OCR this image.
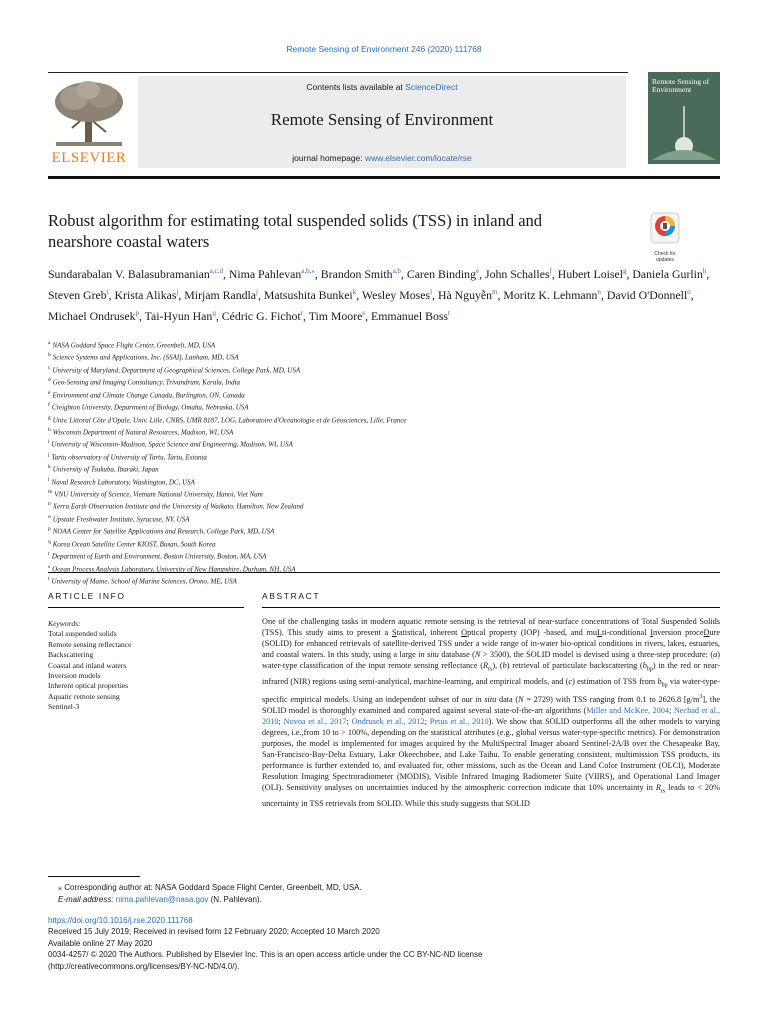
Remote Sensing of Environment 246 (2020) 111768
ELSEVIER
Contents lists available at ScienceDirect
Remote Sensing of Environment
journal homepage: www.elsevier.com/locate/rse
Remote Sensing of Environment
Robust algorithm for estimating total suspended solids (TSS) in inland and nearshore coastal waters
Check for updates
Sundarabalan V. Balasubramanian$^{a,c,d}$, Nima Pahlevan$^{a,b,⁎}$, Brandon Smith$^{a,b}$, Caren Binding$^e$, John Schalles$^f$, Hubert Loisel$^g$, Daniela Gurlin$^h$, Steven Greb$^i$, Krista Alikas$^j$, Mirjam Randla$^j$, Matsushita Bunkei$^k$, Wesley Moses$^l$, Hà Nguyễn$^m$, Moritz K. Lehmann$^n$, David O'Donnell$^o$, Michael Ondrusek$^p$, Tai-Hyun Han$^q$, Cédric G. Fichot$^r$, Tim Moore$^s$, Emmanuel Boss$^t$
$^a$ NASA Goddard Space Flight Center, Greenbelt, MD, USA
$^b$ Science Systems and Applications, Inc. (SSAI), Lanham, MD, USA
$^c$ University of Maryland, Department of Geographical Sciences, College Park, MD, USA
$^d$ Geo-Sensing and Imaging Consultancy, Trivandrum, Kerala, India
$^e$ Environment and Climate Change Canada, Burlington, ON, Canada
$^f$ Creighton University, Department of Biology, Omaha, Nebraska, USA
$^g$ Univ. Littoral Côte d'Opale, Univ. Lille, CNRS, UMR 8187, LOG, Laboratoire d'Océanologie et de Géosciences, Lille, France
$^h$ Wisconsin Department of Natural Resources, Madison, WI, USA
$^i$ University of Wisconsin-Madison, Space Science and Engineering, Madison, WI, USA
$^j$ Tartu observatory of University of Tartu, Tartu, Estonia
$^k$ University of Tsukuba, Ibaraki, Japan
$^l$ Naval Research Laboratory, Washington, DC, USA
$^m$ VNU University of Science, Vietnam National University, Hanoi, Viet Nam
$^n$ Xerra Earth Observation Institute and the University of Waikato, Hamilton, New Zealand
$^o$ Upstate Freshwater Institute, Syracuse, NY, USA
$^p$ NOAA Center for Satellite Applications and Research, College Park, MD, USA
$^q$ Korea Ocean Satellite Center KIOST, Busan, South Korea
$^r$ Department of Earth and Environment, Boston University, Boston, MA, USA
$^s$ Ocean Process Analysis Laboratory, University of New Hampshire, Durham, NH, USA
$^t$ University of Maine, School of Marine Sciences, Orono, ME, USA
ARTICLE INFO	ABSTRACT
Keywords:
Total suspended solids
Remote sensing reflectance
Backscattering
Coastal and inland waters
Inversion models
Inherent optical properties
Aquatic remote sensing
Sentinel-3
One of the challenging tasks in modern aquatic remote sensing is the retrieval of near-surface concentrations of Total Suspended Solids (TSS). This study aims to present a Statistical, inherent Optical property (IOP) -based, and muLti-conditional Inversion proceDure (SOLID) for enhanced retrievals of satellite-derived TSS under a wide range of in-water bio-optical conditions in rivers, lakes, estuaries, and coastal waters. In this study, using a large in situ database (N > 3500), the SOLID model is devised using a three-step procedure: (a) water-type classification of the input remote sensing reflectance $(R_{rs})$, (b) retrieval of particulate backscattering $(b_{bp})$ in the red or near-infrared (NIR) regions using semi-analytical, machine-learning, and empirical models, and (c) estimation of TSS from $b_{bp}$ via water-type-specific empirical models. Using an independent subset of our in situ data (N = 2729) with TSS ranging from 0.1 to 2626.8 $[g/m^3]$, the SOLID model is thoroughly examined and compared against several state-of-the-art algorithms (Miller and McKee, 2004; Nechad et al., 2010; Novoa et al., 2017; Ondrusek et al., 2012; Petus et al., 2010). We show that SOLID outperforms all the other models to varying degrees, i.e.,from 10 to > 100%, depending on the statistical attributes (e.g., global versus water-type-specific metrics). For demonstration purposes, the model is implemented for images acquired by the MultiSpectral Imager aboard Sentinel-2A/B over the Chesapeake Bay, San-Francisco-Bay-Delta Estuary, Lake Okeechobee, and Lake Taihu. To enable generating consistent, multimission TSS products, its performance is further extended to, and evaluated for, other missions, such as the Ocean and Land Color Instrument (OLCI), Moderate Resolution Imaging Spectroradiometer (MODIS), Visible Infrared Imaging Radiometer Suite (VIIRS), and Operational Land Imager (OLI). Sensitivity analyses on uncertainties induced by the atmospheric correction indicate that 10% uncertainty in $R_{rs}$ leads to < 20% uncertainty in TSS retrievals from SOLID. While this study suggests that SOLID
⁎ Corresponding author at: NASA Goddard Space Flight Center, Greenbelt, MD, USA.
E-mail address: nima.pahlevan@nasa.gov (N. Pahlevan).
https://doi.org/10.1016/j.rse.2020.111768
Received 15 July 2019; Received in revised form 12 February 2020; Accepted 10 March 2020
Available online 27 May 2020
0034-4257/ © 2020 The Authors. Published by Elsevier Inc. This is an open access article under the CC BY-NC-ND license
(http://creativecommons.org/licenses/BY-NC-ND/4.0/).
